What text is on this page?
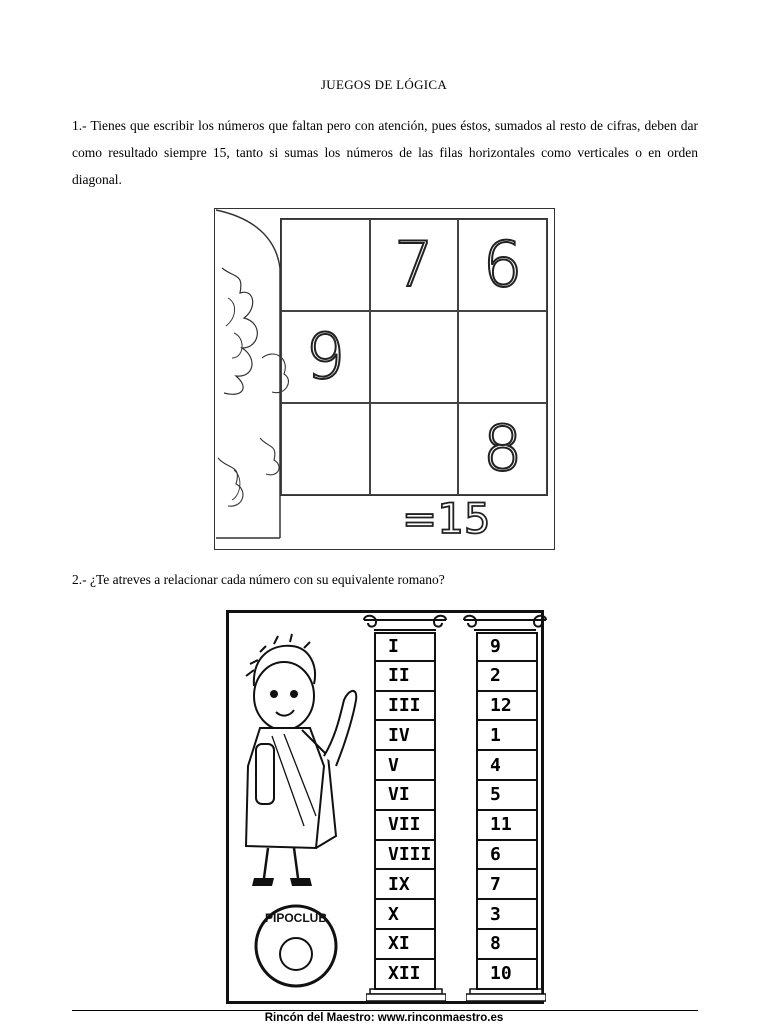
JUEGOS DE LÓGICA
1.- Tienes que escribir los números que faltan pero con atención, pues éstos, sumados al resto de cifras, deben dar como resultado siempre 15, tanto si sumas los números de las filas horizontales como verticales o en orden diagonal.
7 6
9
8
=15
2.- ¿Te atreves a relacionar cada número con su equivalente romano?
PIPOCLUB
I
II
III
IV
V
VI
VII
VIII
IX
X
XI
XII
9
2
12
1
4
5
11
6
7
3
8
10
Rincón del Maestro: www.rinconmaestro.es
